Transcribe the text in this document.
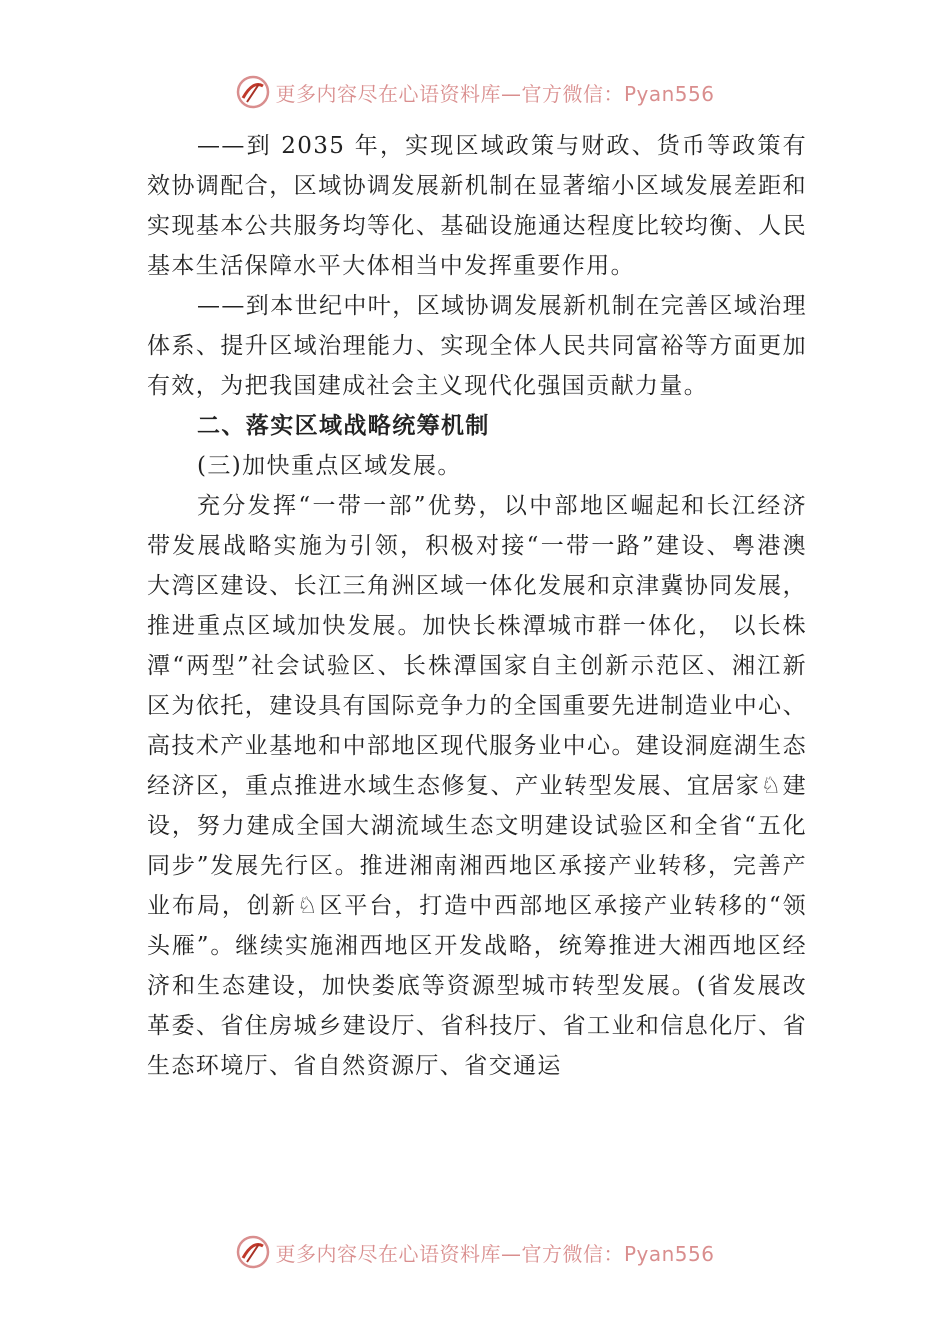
更多内容尽在心语资料库—官方微信：Pyan556

——到 2035 年，实现区域政策与财政、货币等政策有效协调配合，区域协调发展新机制在显著缩小区域发展差距和实现基本公共服务均等化、基础设施通达程度比较均衡、人民基本生活保障水平大体相当中发挥重要作用。

——到本世纪中叶，区域协调发展新机制在完善区域治理体系、提升区域治理能力、实现全体人民共同富裕等方面更加有效，为把我国建成社会主义现代化强国贡献力量。

二、落实区域战略统筹机制

(三)加快重点区域发展。

充分发挥“一带一部”优势，以中部地区崛起和长江经济带发展战略实施为引领，积极对接“一带一路”建设、粤港澳大湾区建设、长江三角洲区域一体化发展和京津冀协同发展，推进重点区域加快发展。加快长株潭城市群一体化， 以长株潭“两型”社会试验区、长株潭国家自主创新示范区、湘江新区为依托，建设具有国际竞争力的全国重要先进制造业中心、高技术产业基地和中部地区现代服务业中心。建设洞庭湖生态经济区，重点推进水域生态修复、产业转型发展、宜居家♘建设，努力建成全国大湖流域生态文明建设试验区和全省“五化同步”发展先行区。推进湘南湘西地区承接产业转移，完善产业布局，创新♘区平台，打造中西部地区承接产业转移的“领头雁”。继续实施湘西地区开发战略，统筹推进大湘西地区经济和生态建设，加快娄底等资源型城市转型发展。(省发展改革委、省住房城乡建设厅、省科技厅、省工业和信息化厅、省生态环境厅、省自然资源厅、省交通运

更多内容尽在心语资料库—官方微信：Pyan556
